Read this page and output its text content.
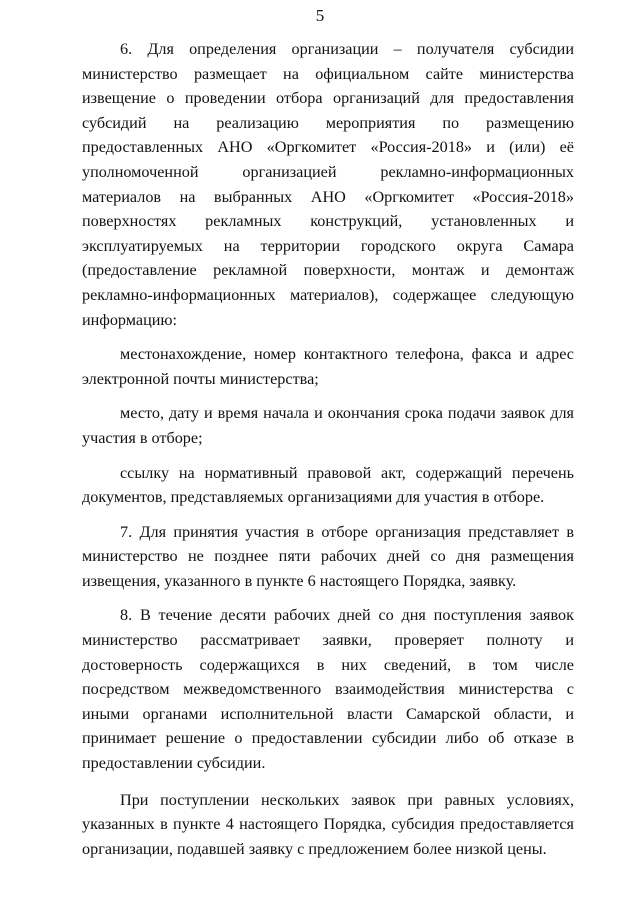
5

6. Для определения организации – получателя субсидии министерство размещает на официальном сайте министерства извещение о проведении отбора организаций для предоставления субсидий на реализацию мероприятия по размещению предоставленных АНО «Оргкомитет «Россия-2018» и (или) её уполномоченной организацией рекламно-информационных материалов на выбранных АНО «Оргкомитет «Россия-2018» поверхностях рекламных конструкций, установленных и эксплуатируемых на территории городского округа Самара (предоставление рекламной поверхности, монтаж и демонтаж рекламно-информационных материалов), содержащее следующую информацию:

местонахождение, номер контактного телефона, факса и адрес электронной почты министерства;

место, дату и время начала и окончания срока подачи заявок для участия в отборе;

ссылку на нормативный правовой акт, содержащий перечень документов, представляемых организациями для участия в отборе.

7. Для принятия участия в отборе организация представляет в министерство не позднее пяти рабочих дней со дня размещения извещения, указанного в пункте 6 настоящего Порядка, заявку.

8. В течение десяти рабочих дней со дня поступления заявок министерство рассматривает заявки, проверяет полноту и достоверность содержащихся в них сведений, в том числе посредством межведомственного взаимодействия министерства с иными органами исполнительной власти Самарской области, и принимает решение о предоставлении субсидии либо об отказе в предоставлении субсидии.

При поступлении нескольких заявок при равных условиях, указанных в пункте 4 настоящего Порядка, субсидия предоставляется организации, подавшей заявку с предложением более низкой цены.
